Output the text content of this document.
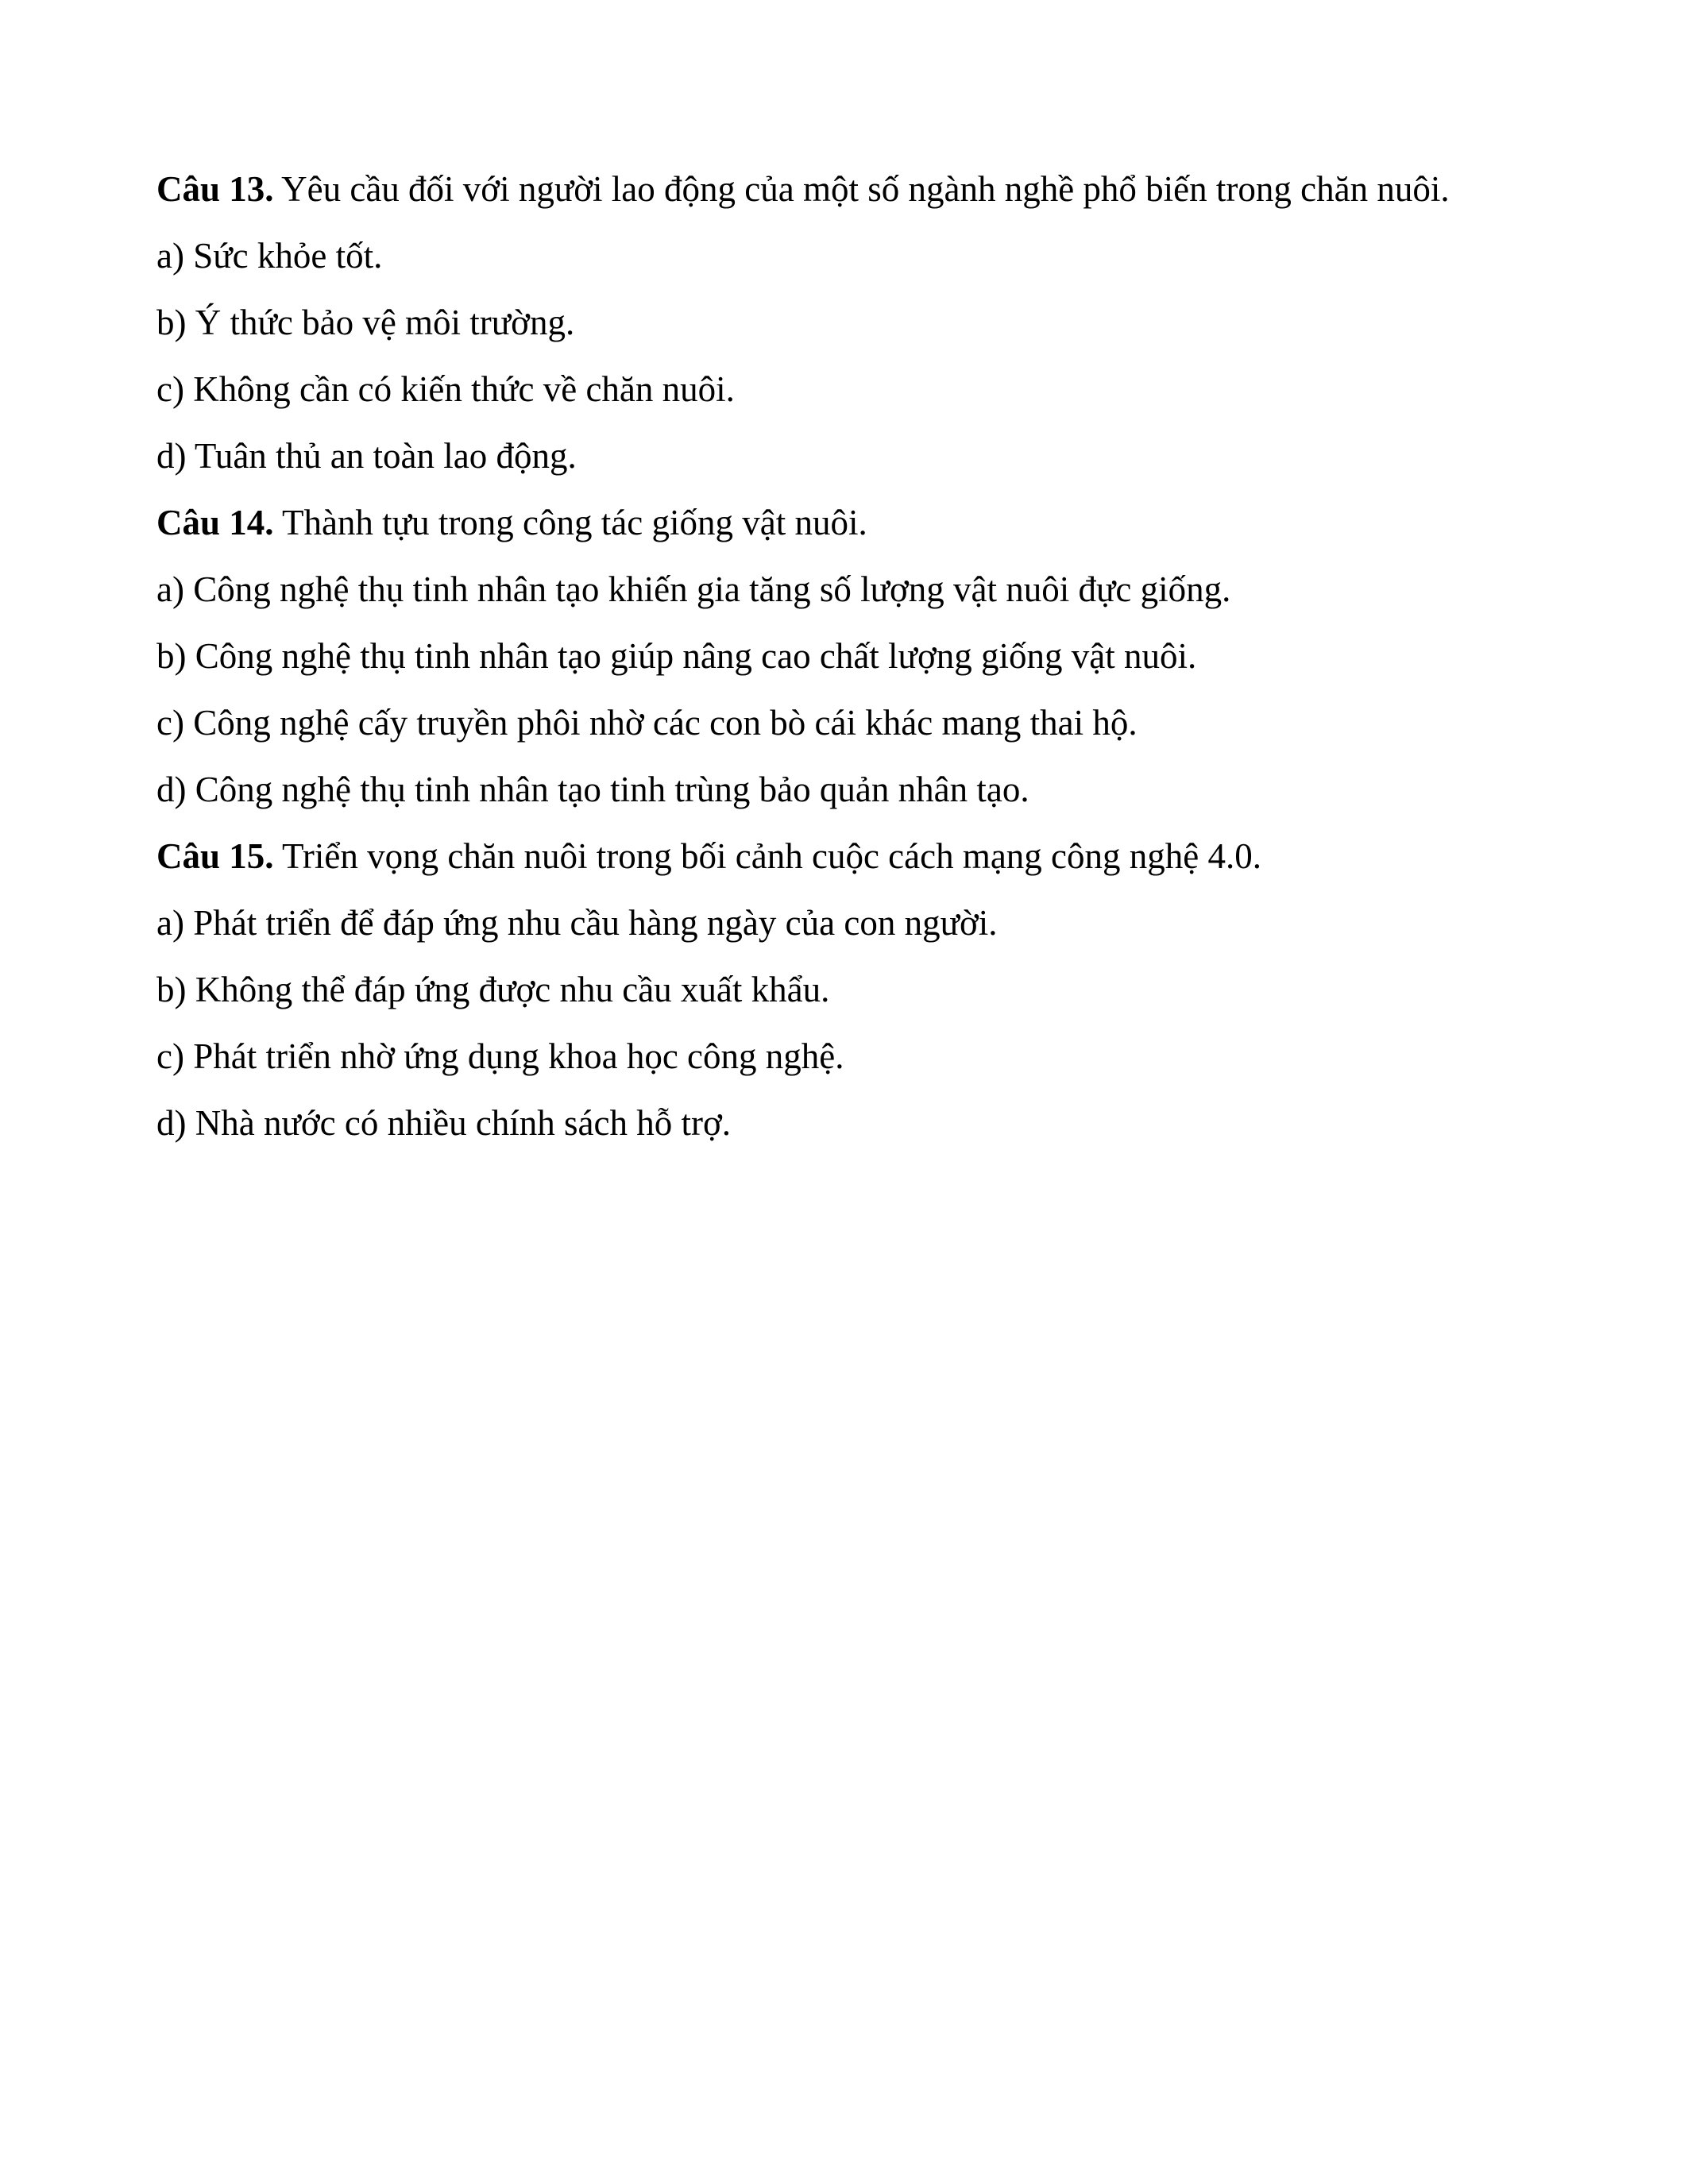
Câu 13. Yêu cầu đối với người lao động của một số ngành nghề phổ biến trong chăn nuôi.

a) Sức khỏe tốt.

b) Ý thức bảo vệ môi trường.

c) Không cần có kiến thức về chăn nuôi.

d) Tuân thủ an toàn lao động.

Câu 14. Thành tựu trong công tác giống vật nuôi.

a) Công nghệ thụ tinh nhân tạo khiến gia tăng số lượng vật nuôi đực giống.

b) Công nghệ thụ tinh nhân tạo giúp nâng cao chất lượng giống vật nuôi.

c) Công nghệ cấy truyền phôi nhờ các con bò cái khác mang thai hộ.

d) Công nghệ thụ tinh nhân tạo tinh trùng bảo quản nhân tạo.

Câu 15. Triển vọng chăn nuôi trong bối cảnh cuộc cách mạng công nghệ 4.0.

a) Phát triển để đáp ứng nhu cầu hàng ngày của con người.

b) Không thể đáp ứng được nhu cầu xuất khẩu.

c) Phát triển nhờ ứng dụng khoa học công nghệ.

d) Nhà nước có nhiều chính sách hỗ trợ.
